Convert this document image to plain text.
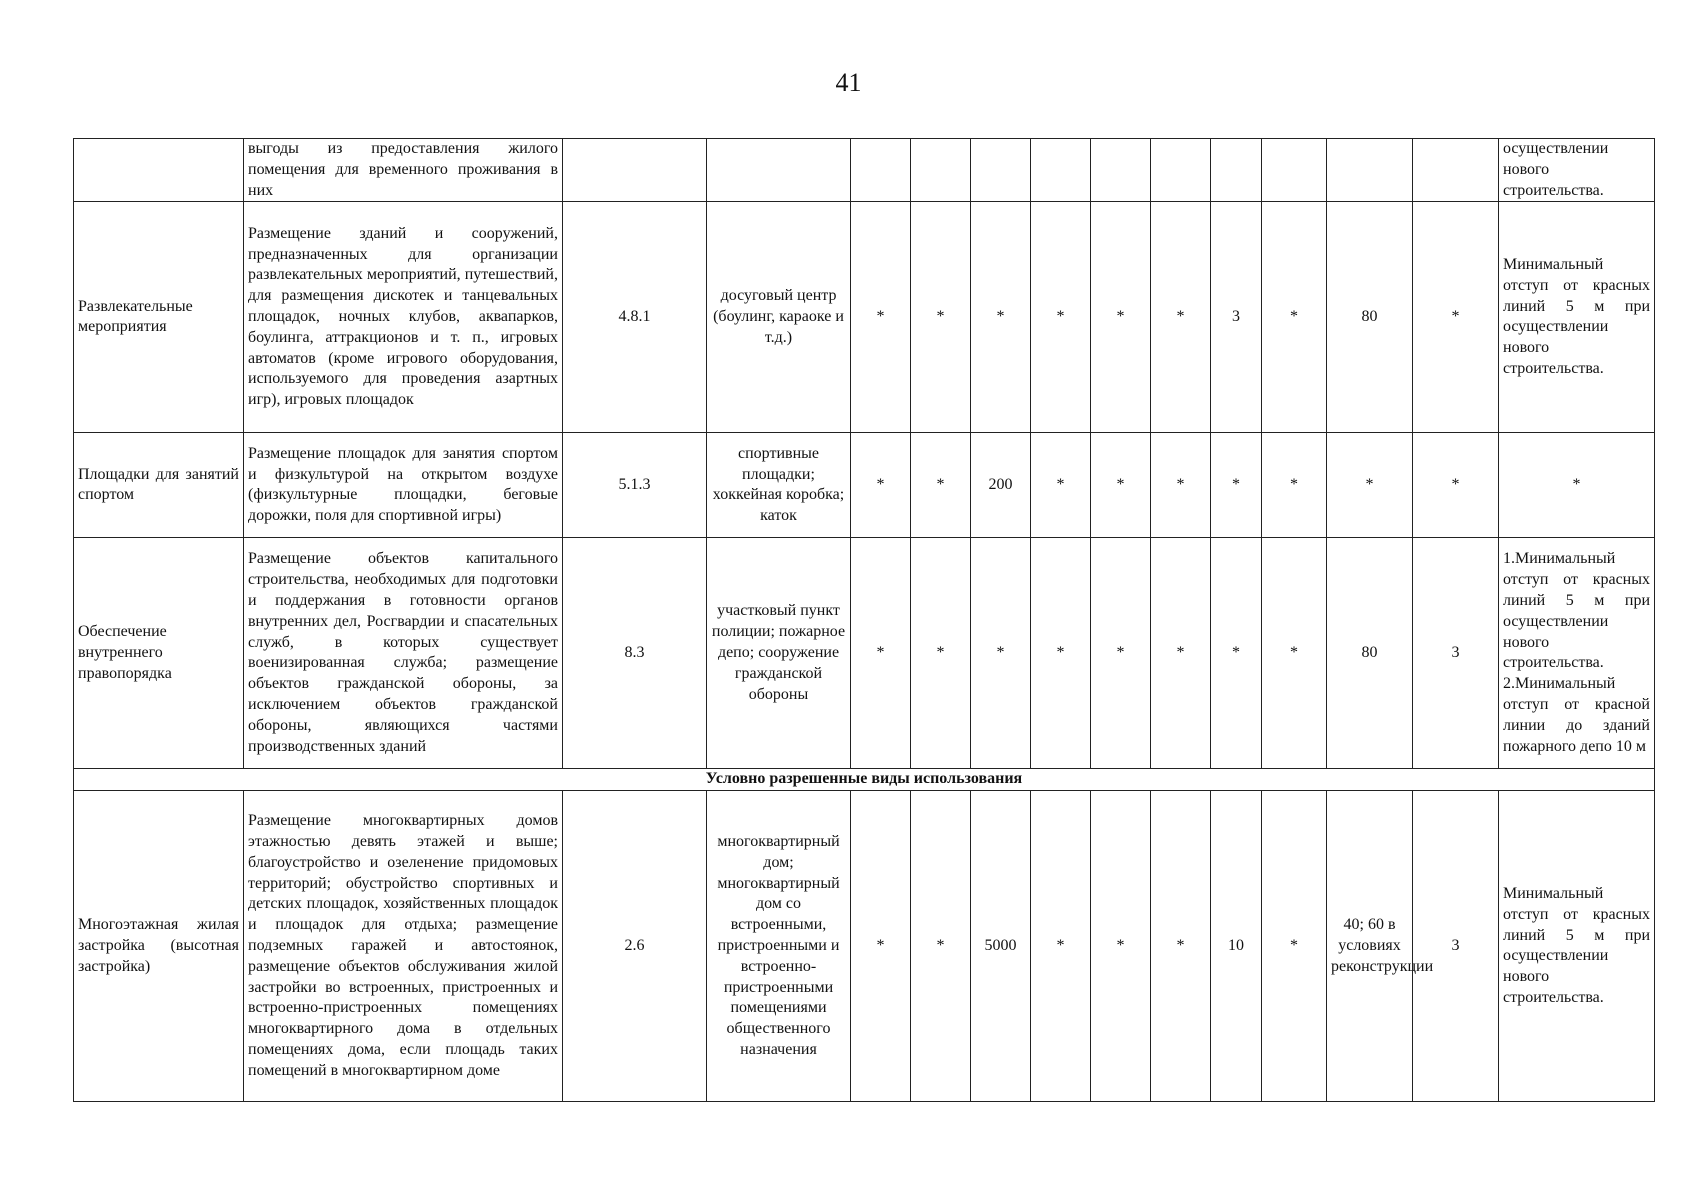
41
	выгоды из предоставления жилого помещения для временного проживания в них													осуществлении нового строительства.
Развлекательные мероприятия	Размещение зданий и сооружений, предназначенных для организации развлекательных мероприятий, путешествий, для размещения дискотек и танцевальных площадок, ночных клубов, аквапарков, боулинга, аттракционов и т. п., игровых автоматов (кроме игрового оборудования, используемого для проведения азартных игр), игровых площадок	4.8.1	досуговый центр (боулинг, караоке и т.д.)	*	*	*	*	*	*	3	*	80	*	Минимальный отступ от красных линий 5 м при осуществлении нового строительства.
Площадки для занятий спортом	Размещение площадок для занятия спортом и физкультурой на открытом воздухе (физкультурные площадки, беговые дорожки, поля для спортивной игры)	5.1.3	спортивные площадки; хоккейная коробка; каток	*	*	200	*	*	*	*	*	*	*	*
Обеспечение внутреннего правопорядка	Размещение объектов капитального строительства, необходимых для подготовки и поддержания в готовности органов внутренних дел, Росгвардии и спасательных служб, в которых существует военизированная служба; размещение объектов гражданской обороны, за исключением объектов гражданской обороны, являющихся частями производственных зданий	8.3	участковый пункт полиции; пожарное депо; сооружение гражданской обороны	*	*	*	*	*	*	*	*	80	3	1.Минимальный отступ от красных линий 5 м при осуществлении нового строительства. 2.Минимальный отступ от красной линии до зданий пожарного депо 10 м
Условно разрешенные виды использования														
Многоэтажная жилая застройка (высотная застройка)	Размещение многоквартирных домов этажностью девять этажей и выше; благоустройство и озеленение придомовых территорий; обустройство спортивных и детских площадок, хозяйственных площадок и площадок для отдыха; размещение подземных гаражей и автостоянок, размещение объектов обслуживания жилой застройки во встроенных, пристроенных и встроенно-пристроенных помещениях многоквартирного дома в отдельных помещениях дома, если площадь таких помещений в многоквартирном доме	2.6	многоквартирный дом; многоквартирный дом со встроенными, пристроенными и встроенно-пристроенными помещениями общественного назначения	*	*	5000	*	*	*	10	*	40; 60 в условиях реконструкции	3	Минимальный отступ от красных линий 5 м при осуществлении нового строительства.
